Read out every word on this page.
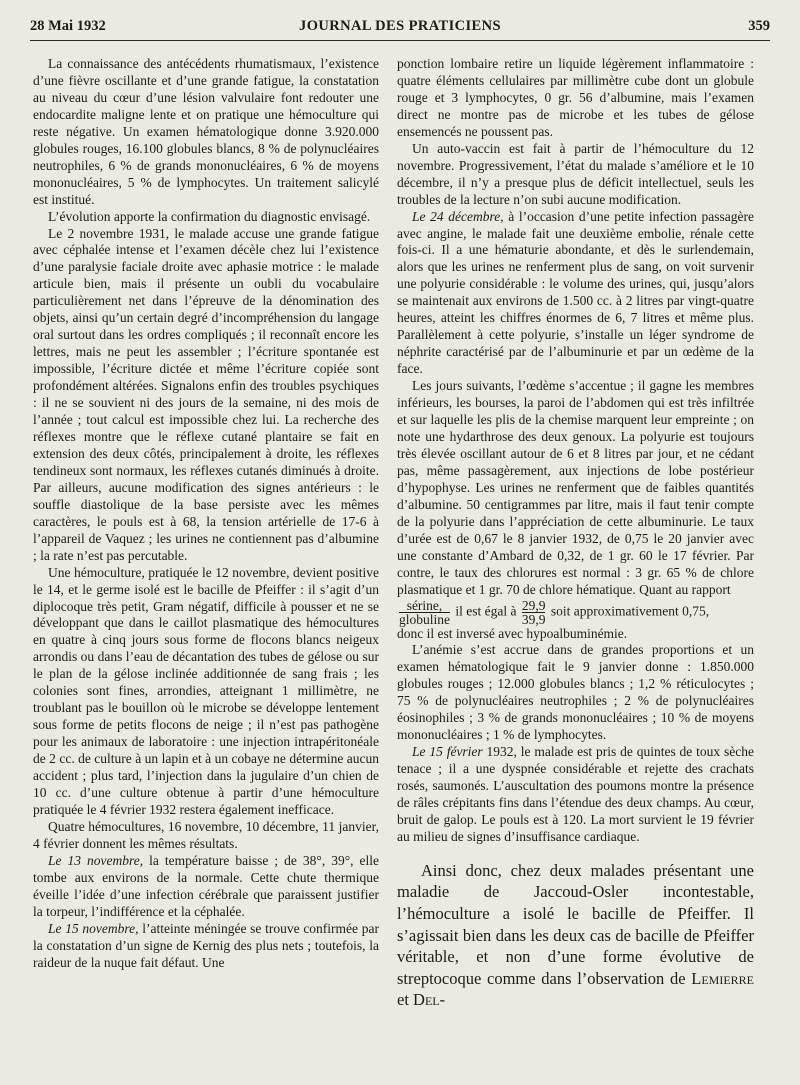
JOURNAL DES PRATICIENS
28 Mai 1932	359

La connaissance des antécédents rhumatismaux, l’existence d’une fièvre oscillante et d’une grande fatigue, la constatation au niveau du cœur d’une lésion valvulaire font redouter une endocardite maligne lente et on pratique une hémoculture qui reste négative. Un examen hématologique donne 3.920.000 globules rouges, 16.100 globules blancs, 8 % de polynucléaires neutrophiles, 6 % de grands mononucléaires, 6 % de moyens mononucléaires, 5 % de lymphocytes. Un traitement salicylé est institué.

L’évolution apporte la confirmation du diagnostic envisagé.

Le 2 novembre 1931, le malade accuse une grande fatigue avec céphalée intense et l’examen décèle chez lui l’existence d’une paralysie faciale droite avec aphasie motrice : le malade articule bien, mais il présente un oubli du vocabulaire particulièrement net dans l’épreuve de la dénomination des objets, ainsi qu’un certain degré d’incompréhension du langage oral surtout dans les ordres compliqués ; il reconnaît encore les lettres, mais ne peut les assembler ; l’écriture spontanée est impossible, l’écriture dictée et même l’écriture copiée sont profondément altérées. Signalons enfin des troubles psychiques : il ne se souvient ni des jours de la semaine, ni des mois de l’année ; tout calcul est impossible chez lui. La recherche des réflexes montre que le réflexe cutané plantaire se fait en extension des deux côtés, principalement à droite, les réflexes tendineux sont normaux, les réflexes cutanés diminués à droite. Par ailleurs, aucune modification des signes antérieurs : le souffle diastolique de la base persiste avec les mêmes caractères, le pouls est à 68, la tension artérielle de 17-6 à l’appareil de Vaquez ; les urines ne contiennent pas d’albumine ; la rate n’est pas percutable.

Une hémoculture, pratiquée le 12 novembre, devient positive le 14, et le germe isolé est le bacille de Pfeiffer : il s’agit d’un diplocoque très petit, Gram négatif, difficile à pousser et ne se développant que dans le caillot plasmatique des hémocultures en quatre à cinq jours sous forme de flocons blancs neigeux arrondis ou dans l’eau de décantation des tubes de gélose ou sur le plan de la gélose inclinée additionnée de sang frais ; les colonies sont fines, arrondies, atteignant 1 millimètre, ne troublant pas le bouillon où le microbe se développe lentement sous forme de petits flocons de neige ; il n’est pas pathogène pour les animaux de laboratoire : une injection intrapéritonéale de 2 cc. de culture à un lapin et à un cobaye ne détermine aucun accident ; plus tard, l’injection dans la jugulaire d’un chien de 10 cc. d’une culture obtenue à partir d’une hémoculture pratiquée le 4 février 1932 restera également inefficace.

Quatre hémocultures, 16 novembre, 10 décembre, 11 janvier, 4 février donnent les mêmes résultats.

Le 13 novembre, la température baisse ; de 38°, 39°, elle tombe aux environs de la normale. Cette chute thermique éveille l’idée d’une infection cérébrale que paraissent justifier la torpeur, l’indifférence et la céphalée.

Le 15 novembre, l’atteinte méningée se trouve confirmée par la constatation d’un signe de Kernig des plus nets ; toutefois, la raideur de la nuque fait défaut. Une

ponction lombaire retire un liquide légèrement inflammatoire : quatre éléments cellulaires par millimètre cube dont un globule rouge et 3 lymphocytes, 0 gr. 56 d’albumine, mais l’examen direct ne montre pas de microbe et les tubes de gélose ensemencés ne poussent pas.

Un auto-vaccin est fait à partir de l’hémoculture du 12 novembre. Progressivement, l’état du malade s’améliore et le 10 décembre, il n’y a presque plus de déficit intellectuel, seuls les troubles de la lecture n’on subi aucune modification.

Le 24 décembre, à l’occasion d’une petite infection passagère avec angine, le malade fait une deuxième embolie, rénale cette fois-ci. Il a une hématurie abondante, et dès le surlendemain, alors que les urines ne renferment plus de sang, on voit survenir une polyurie considérable : le volume des urines, qui, jusqu’alors se maintenait aux environs de 1.500 cc. à 2 litres par vingt-quatre heures, atteint les chiffres énormes de 6, 7 litres et même plus. Parallèlement à cette polyurie, s’installe un léger syndrome de néphrite caractérisé par de l’albuminurie et par un œdème de la face.

Les jours suivants, l’œdème s’accentue ; il gagne les membres inférieurs, les bourses, la paroi de l’abdomen qui est très infiltrée et sur laquelle les plis de la chemise marquent leur empreinte ; on note une hydarthrose des deux genoux. La polyurie est toujours très élevée oscillant autour de 6 et 8 litres par jour, et ne cédant pas, même passagèrement, aux injections de lobe postérieur d’hypophyse. Les urines ne renferment que de faibles quantités d’albumine. 50 centigrammes par litre, mais il faut tenir compte de la polyurie dans l’appréciation de cette albuminurie. Le taux d’urée est de 0,67 le 8 janvier 1932, de 0,75 le 20 janvier avec une constante d’Ambard de 0,32, de 1 gr. 60 le 17 février. Par contre, le taux des chlorures est normal : 3 gr. 65 % de chlore plasmatique et 1 gr. 70 de chlore hématique. Quant au rapport

$\frac{\text{sérine,}}{\text{globuline}}$ il est égal à $\frac{29,9}{39,9}$ soit approximativement 0,75,

donc il est inversé avec hypoalbuminémie.

L’anémie s’est accrue dans de grandes proportions et un examen hématologique fait le 9 janvier donne : 1.850.000 globules rouges ; 12.000 globules blancs ; 1,2 % réticulocytes ; 75 % de polynucléaires neutrophiles ; 2 % de polynucléaires éosinophiles ; 3 % de grands mononucléaires ; 10 % de moyens mononucléaires ; 1 % de lymphocytes.

Le 15 février 1932, le malade est pris de quintes de toux sèche tenace ; il a une dyspnée considérable et rejette des crachats rosés, saumonés. L’auscultation des poumons montre la présence de râles crépitants fins dans l’étendue des deux champs. Au cœur, bruit de galop. Le pouls est à 120. La mort survient le 19 février au milieu de signes d’insuffisance cardiaque.

Ainsi donc, chez deux malades présentant une maladie de Jaccoud-Osler incontestable, l’hémoculture a isolé le bacille de Pfeiffer. Il s’agissait bien dans les deux cas de bacille de Pfeiffer véritable, et non d’une forme évolutive de streptocoque comme dans l’observation de Lemierre et Del-
